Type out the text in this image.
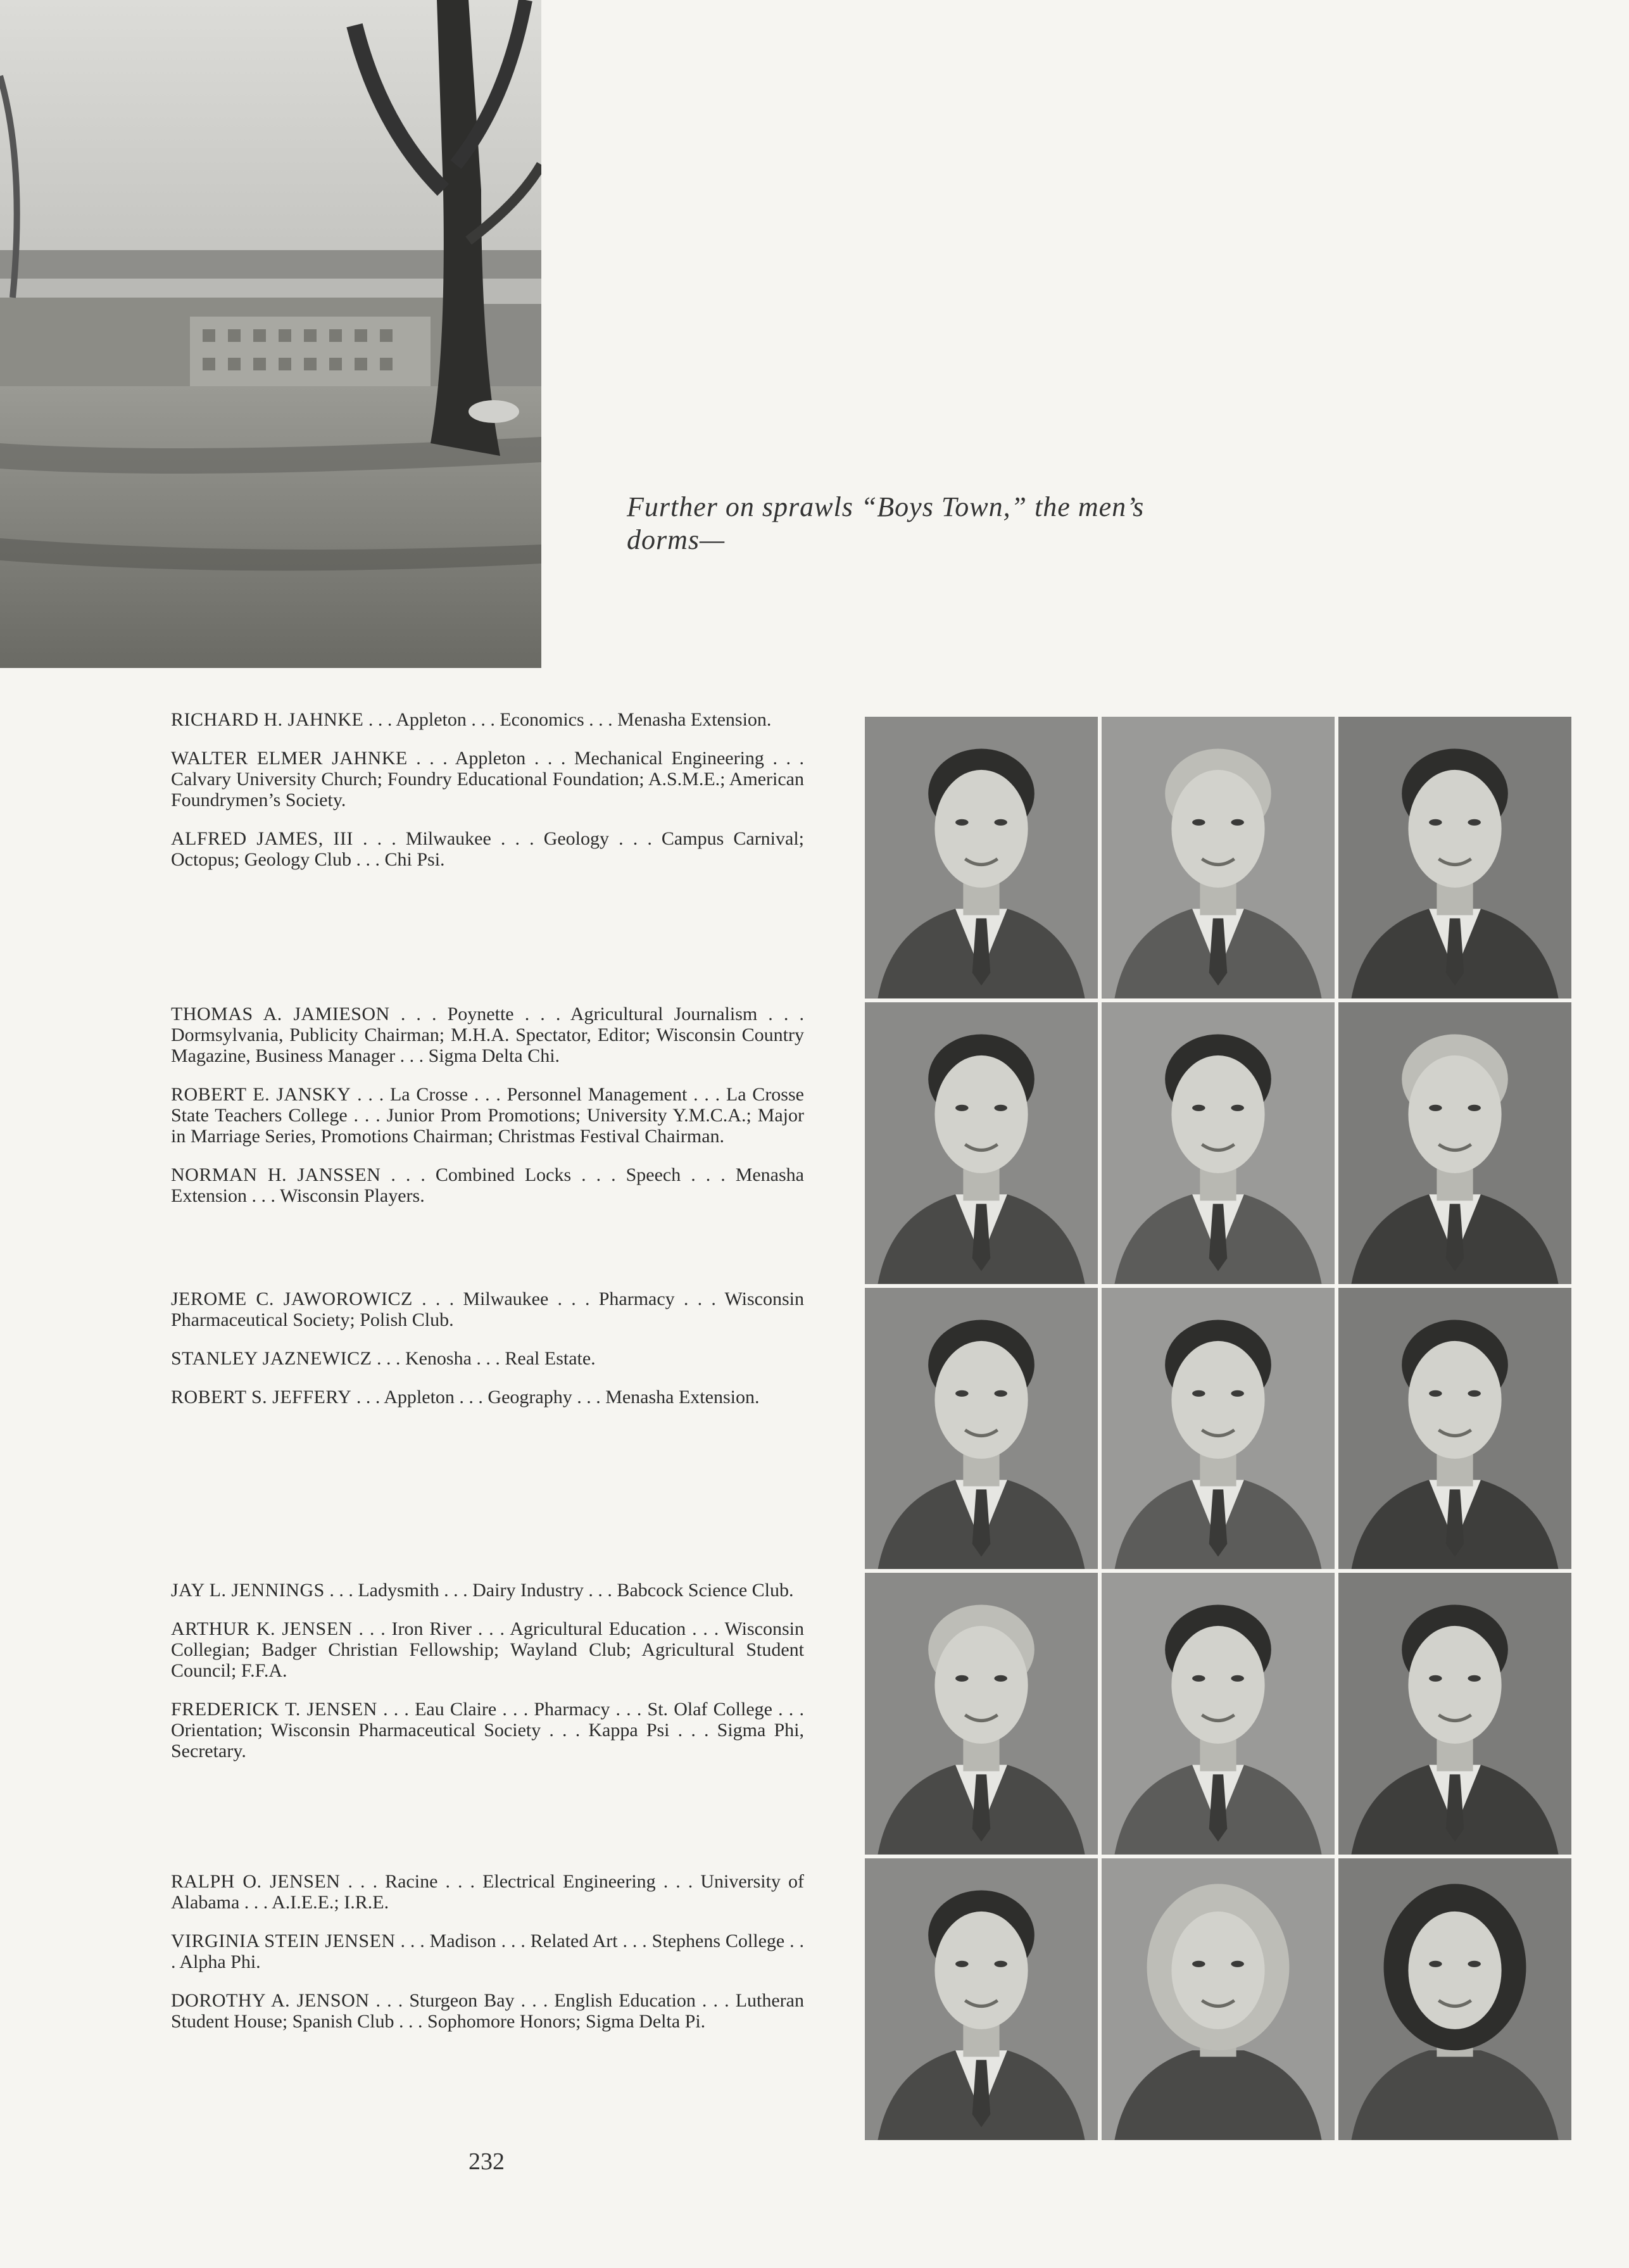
Further on sprawls “Boys Town,” the men’s dorms—

RICHARD H. JAHNKE . . . Appleton . . . Economics . . . Menasha Extension.

WALTER ELMER JAHNKE . . . Appleton . . . Mechanical Engineering . . . Calvary University Church; Foundry Educational Foundation; A.S.M.E.; American Foundrymen’s Society.

ALFRED JAMES, III . . . Milwaukee . . . Geology . . . Campus Carnival; Octopus; Geology Club . . . Chi Psi.

THOMAS A. JAMIESON . . . Poynette . . . Agricultural Journalism . . . Dormsylvania, Publicity Chairman; M.H.A. Spectator, Editor; Wisconsin Country Magazine, Business Manager . . . Sigma Delta Chi.

ROBERT E. JANSKY . . . La Crosse . . . Personnel Management . . . La Crosse State Teachers College . . . Junior Prom Promotions; University Y.M.C.A.; Major in Marriage Series, Promotions Chairman; Christmas Festival Chairman.

NORMAN H. JANSSEN . . . Combined Locks . . . Speech . . . Menasha Extension . . . Wisconsin Players.

JEROME C. JAWOROWICZ . . . Milwaukee . . . Pharmacy . . . Wisconsin Pharmaceutical Society; Polish Club.

STANLEY JAZNEWICZ . . . Kenosha . . . Real Estate.

ROBERT S. JEFFERY . . . Appleton . . . Geography . . . Menasha Extension.

JAY L. JENNINGS . . . Ladysmith . . . Dairy Industry . . . Babcock Science Club.

ARTHUR K. JENSEN . . . Iron River . . . Agricultural Education . . . Wisconsin Collegian; Badger Christian Fellowship; Wayland Club; Agricultural Student Council; F.F.A.

FREDERICK T. JENSEN . . . Eau Claire . . . Pharmacy . . . St. Olaf College . . . Orientation; Wisconsin Pharmaceutical Society . . . Kappa Psi . . . Sigma Phi, Secretary.

RALPH O. JENSEN . . . Racine . . . Electrical Engineering . . . University of Alabama . . . A.I.E.E.; I.R.E.

VIRGINIA STEIN JENSEN . . . Madison . . . Related Art . . . Stephens College . . . Alpha Phi.

DOROTHY A. JENSON . . . Sturgeon Bay . . . English Education . . . Lutheran Student House; Spanish Club . . . Sophomore Honors; Sigma Delta Pi.

232
